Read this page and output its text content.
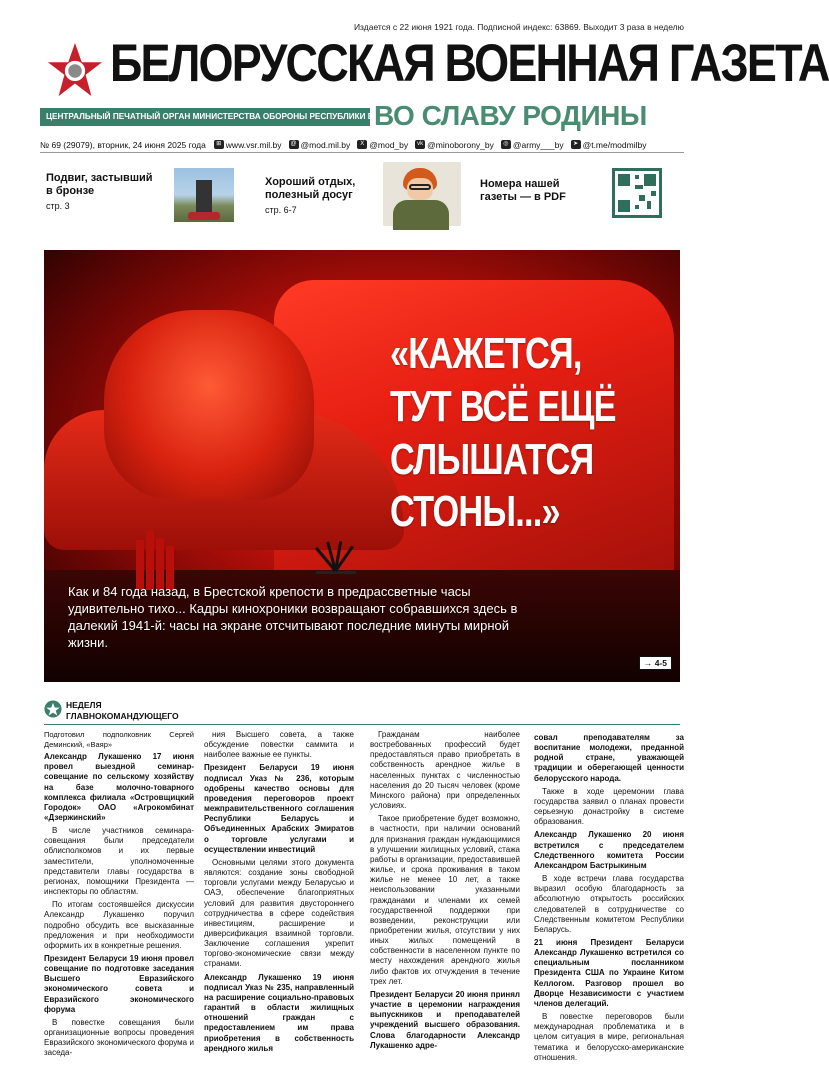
Издается с 22 июня 1921 года. Подписной индекс: 63869. Выходит 3 раза в неделю
БЕЛОРУССКАЯ ВОЕННАЯ ГАЗЕТА
ЦЕНТРАЛЬНЫЙ ПЕЧАТНЫЙ ОРГАН МИНИСТЕРСТВА ОБОРОНЫ РЕСПУБЛИКИ БЕЛАРУСЬ
ВО СЛАВУ РОДИНЫ
№ 69 (29079), вторник, 24 июня 2025 года	⊞ www.vsr.mil.by	@ @mod.mil.by	X @mod_by	vk @minoborony_by	◎ @army___by	➤ @t.me/modmilby
Подвиг, застывший в бронзе
стр. 3
Хороший отдых, полезный досуг
стр. 6-7
Номера нашей газеты — в PDF
«КАЖЕТСЯ,
ТУТ ВСЁ ЕЩЁ
СЛЫШАТСЯ
СТОНЫ...»
Как и 84 года назад, в Брестской крепости в предрассветные часы удивительно тихо... Кадры кинохроники возвращают собравшихся здесь в далекий 1941-й: часы на экране отсчитывают последние минуты мирной жизни.
→ 4-5
НЕДЕЛЯ
ГЛАВНОКОМАНДУЮЩЕГО

Подготовил подполковник Сергей Деминский, «Ваяр»

Александр Лукашенко 17 июня провел выездной семинар-совещание по сельскому хозяйству на базе молочно-товарного комплекса филиала «Островщицкий Городок» ОАО «Агрокомбинат «Дзержинский»

В числе участников семинара-совещания были председатели облисполкомов и их первые заместители, уполномоченные представители главы государства в регионах, помощники Президента — инспекторы по областям.

По итогам состоявшейся дискуссии Александр Лукашенко поручил подробно обсудить все высказанные предложения и при необходимости оформить их в конкретные решения.

Президент Беларуси 19 июня провел совещание по подготовке заседания Высшего Евразийского экономического совета и Евразийского экономического форума

В повестке совещания были организационные вопросы проведения Евразийского экономического форума и заседа-

ния Высшего совета, а также обсуждение повестки саммита и наиболее важные ее пункты.

Президент Беларуси 19 июня подписал Указ № 236, которым одобрены качество основы для проведения переговоров проект межправительственного соглашения Республики Беларусь и Объединенных Арабских Эмиратов о торговле услугами и осуществлении инвестиций

Основными целями этого документа являются: создание зоны свободной торговли услугами между Беларусью и ОАЭ, обеспечение благоприятных условий для развития двустороннего сотрудничества в сфере содействия инвестициям, расширение и диверсификация взаимной торговли. Заключение соглашения укрепит торгово-экономические связи между странами.

Александр Лукашенко 19 июня подписал Указ № 235, направленный на расширение социально-правовых гарантий в области жилищных отношений граждан с предоставлением им права приобретения в собственность арендного жилья

Гражданам наиболее востребованных профессий будет предоставляться право приобретать в собственность арендное жилье в населенных пунктах с численностью населения до 20 тысяч человек (кроме Минского района) при определенных условиях.

Такое приобретение будет возможно, в частности, при наличии оснований для признания граждан нуждающимися в улучшении жилищных условий, стажа работы в организации, предоставившей жилье, и срока проживания в таком жилье не менее 10 лет, а также неиспользовании указанными гражданами и членами их семей государственной поддержки при возведении, реконструкции или приобретении жилья, отсутствии у них иных жилых помещений в собственности в населенном пункте по месту нахождения арендного жилья либо фактов их отчуждения в течение трех лет.

Президент Беларуси 20 июня принял участие в церемонии награждения выпускников и преподавателей учреждений высшего образования. Слова благодарности Александр Лукашенко адре-

совал преподавателям за воспитание молодежи, преданной родной стране, уважающей традиции и оберегающей ценности белорусского народа.

Также в ходе церемонии глава государства заявил о планах провести серьезную донастройку в системе образования.

Александр Лукашенко 20 июня встретился с председателем Следственного комитета России Александром Бастрыкиным

В ходе встречи глава государства выразил особую благодарность за абсолютную открытость российских следователей в сотрудничестве со Следственным комитетом Республики Беларусь.

21 июня Президент Беларуси Александр Лукашенко встретился со специальным посланником Президента США по Украине Китом Келлогом. Разговор прошел во Дворце Независимости с участием членов делегаций.

В повестке переговоров были международная проблематика и в целом ситуация в мире, региональная тематика и белорусско-американские отношения.
